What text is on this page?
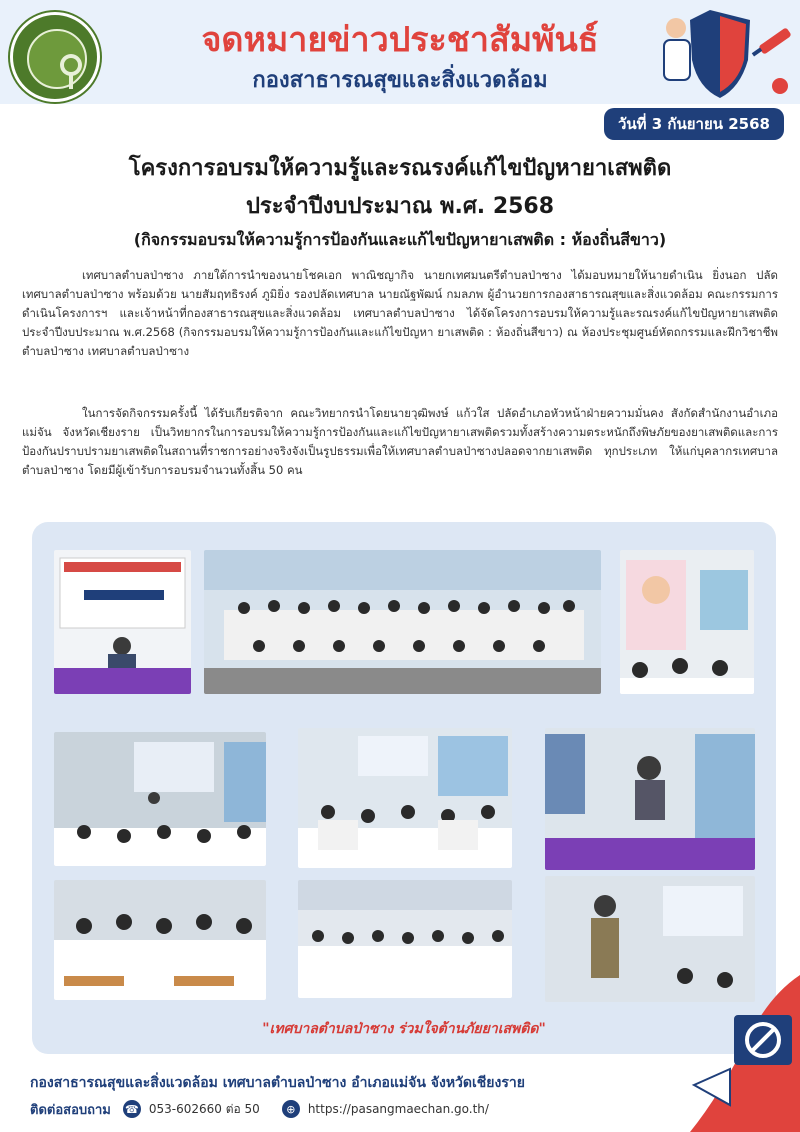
จดหมายข่าวประชาสัมพันธ์
กองสาธารณสุขและสิ่งแวดล้อม
วันที่ 3 กันยายน 2568
โครงการอบรมให้ความรู้และรณรงค์แก้ไขปัญหายาเสพติด
ประจำปีงบประมาณ พ.ศ. 2568
(กิจกรรมอบรมให้ความรู้การป้องกันและแก้ไขปัญหายาเสพติด : ห้องถิ่นสีขาว)
เทศบาลตำบลป่าซาง ภายใต้การนำของนายโชคเอก พาณิชญากิจ นายกเทศมนตรีตำบลป่าซาง ได้มอบหมายให้นายดำเนิน ยิ่งนอก ปลัดเทศบาลตำบลป่าซาง พร้อมด้วย นายสัมฤทธิรงค์ ภูมิยิ่ง รองปลัดเทศบาล นายณัฐพัฒน์ กมลภพ ผู้อำนวยการกองสาธารณสุขและสิ่งแวดล้อม คณะกรรมการดำเนินโครงการฯ และเจ้าหน้าที่กองสาธารณสุขและสิ่งแวดล้อม เทศบาลตำบลป่าซาง ได้จัดโครงการอบรมให้ความรู้และรณรงค์แก้ไขปัญหายาเสพติด ประจำปีงบประมาณ พ.ศ.2568 (กิจกรรมอบรมให้ความรู้การป้องกันและแก้ไขปัญหา ยาเสพติด : ห้องถิ่นสีขาว) ณ ห้องประชุมศูนย์หัตถกรรมและฝึกวิชาชีพตำบลป่าซาง เทศบาลตำบลป่าซาง
ในการจัดกิจกรรมครั้งนี้ ได้รับเกียรติจาก คณะวิทยากรนำโดยนายวุฒิพงษ์ แก้วใส ปลัดอำเภอหัวหน้าฝ่ายความมั่นคง สังกัดสำนักงานอำเภอแม่จัน จังหวัดเชียงราย เป็นวิทยากรในการอบรมให้ความรู้การป้องกันและแก้ไขปัญหายาเสพติดรวมทั้งสร้างความตระหนักถึงพิษภัยของยาเสพติดและการป้องกันปราบปรามยาเสพติดในสถานที่ราชการอย่างจริงจังเป็นรูปธรรมเพื่อให้เทศบาลตำบลป่าซางปลอดจากยาเสพติด ทุกประเภท ให้แก่บุคลากรเทศบาลตำบลป่าซาง โดยมีผู้เข้ารับการอบรมจำนวนทั้งสิ้น 50 คน
"เทศบาลตำบลป่าซาง ร่วมใจต้านภัยยาเสพติด"
กองสาธารณสุขและสิ่งแวดล้อม เทศบาลตำบลป่าซาง อำเภอแม่จัน จังหวัดเชียงราย
ติดต่อสอบถาม ☎ 053-602660 ต่อ 50	⊕	https://pasangmaechan.go.th/
